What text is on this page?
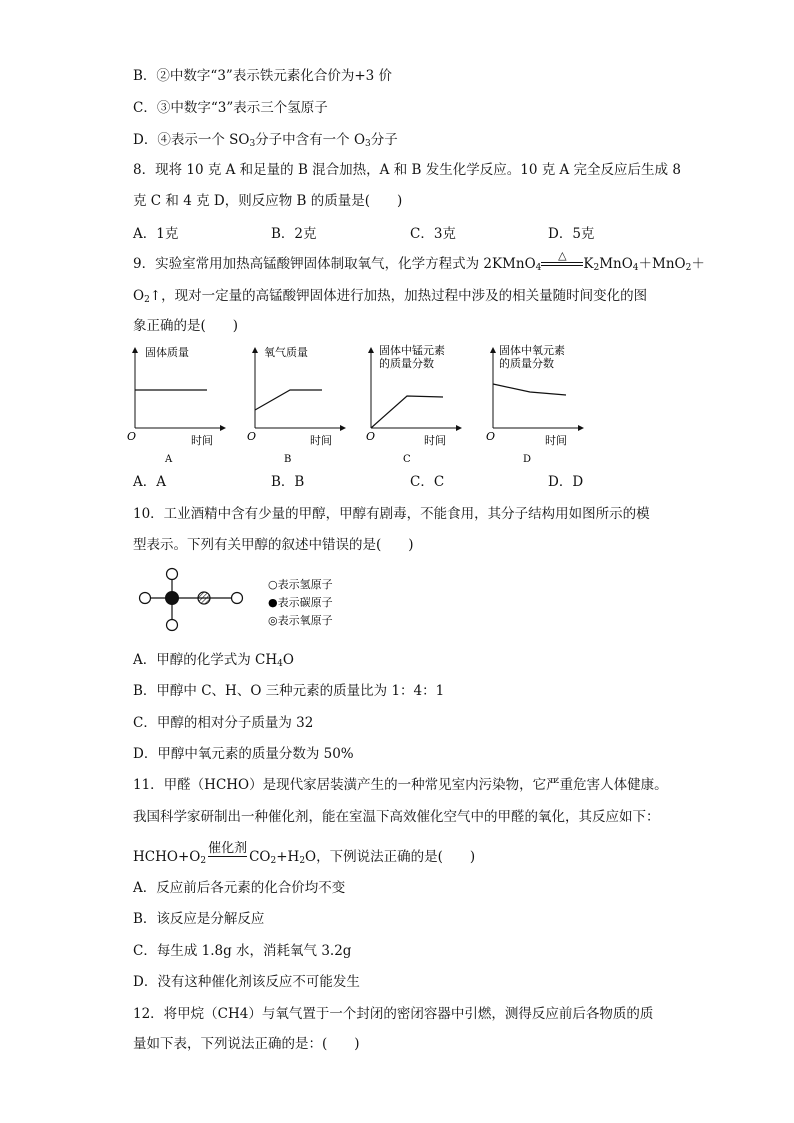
B．②中数字“3”表示铁元素化合价为+3 价
C．③中数字“3”表示三个氢原子
D．④表示一个 $SO_3$分子中含有一个 $O_3$分子
8．现将 10 克 A 和足量的 B 混合加热，A 和 B 发生化学反应。10 克 A 完全反应后生成 8
克 C 和 4 克 D，则反应物 B 的质量是(　　)
A．1克	B．2克	C．3克	D．5克
9．实验室常用加热高锰酸钾固体制取氧气，化学方程式为 2KMnO$_4$
△
$K_2MnO_4+MnO_2+$
$O_2↑$，现对一定量的高锰酸钾固体进行加热，加热过程中涉及的相关量随时间变化的图
象正确的是(　　)
固体质量
O	时间
A
氧气质量
O	时间
B
固体中锰元素
的质量分数
O	时间
C
固体中氧元素
的质量分数
O	时间
D
A．A	B．B	C．C	D．D
10．工业酒精中含有少量的甲醇，甲醇有剧毒，不能食用，其分子结构用如图所示的模
型表示。下列有关甲醇的叙述中错误的是(　　)
○表示氢原子
●表示碳原子
◎表示氧原子
A．甲醇的化学式为 $CH_4O$
B．甲醇中 C、H、O 三种元素的质量比为 1：4：1
C．甲醇的相对分子质量为 32
D．甲醇中氧元素的质量分数为 50%
11．甲醛（HCHO）是现代家居装潢产生的一种常见室内污染物，它严重危害人体健康。
我国科学家研制出一种催化剂，能在室温下高效催化空气中的甲醛的氧化，其反应如下：
$HCHO+O_2$
催化剂
$CO_2+H_2O$，下例说法正确的是(　　)
A．反应前后各元素的化合价均不变
B．该反应是分解反应
C．每生成 1.8g 水，消耗氧气 3.2g
D．没有这种催化剂该反应不可能发生
12．将甲烷（CH4）与氧气置于一个封闭的密闭容器中引燃，测得反应前后各物质的质
量如下表，下列说法正确的是：(　　)
